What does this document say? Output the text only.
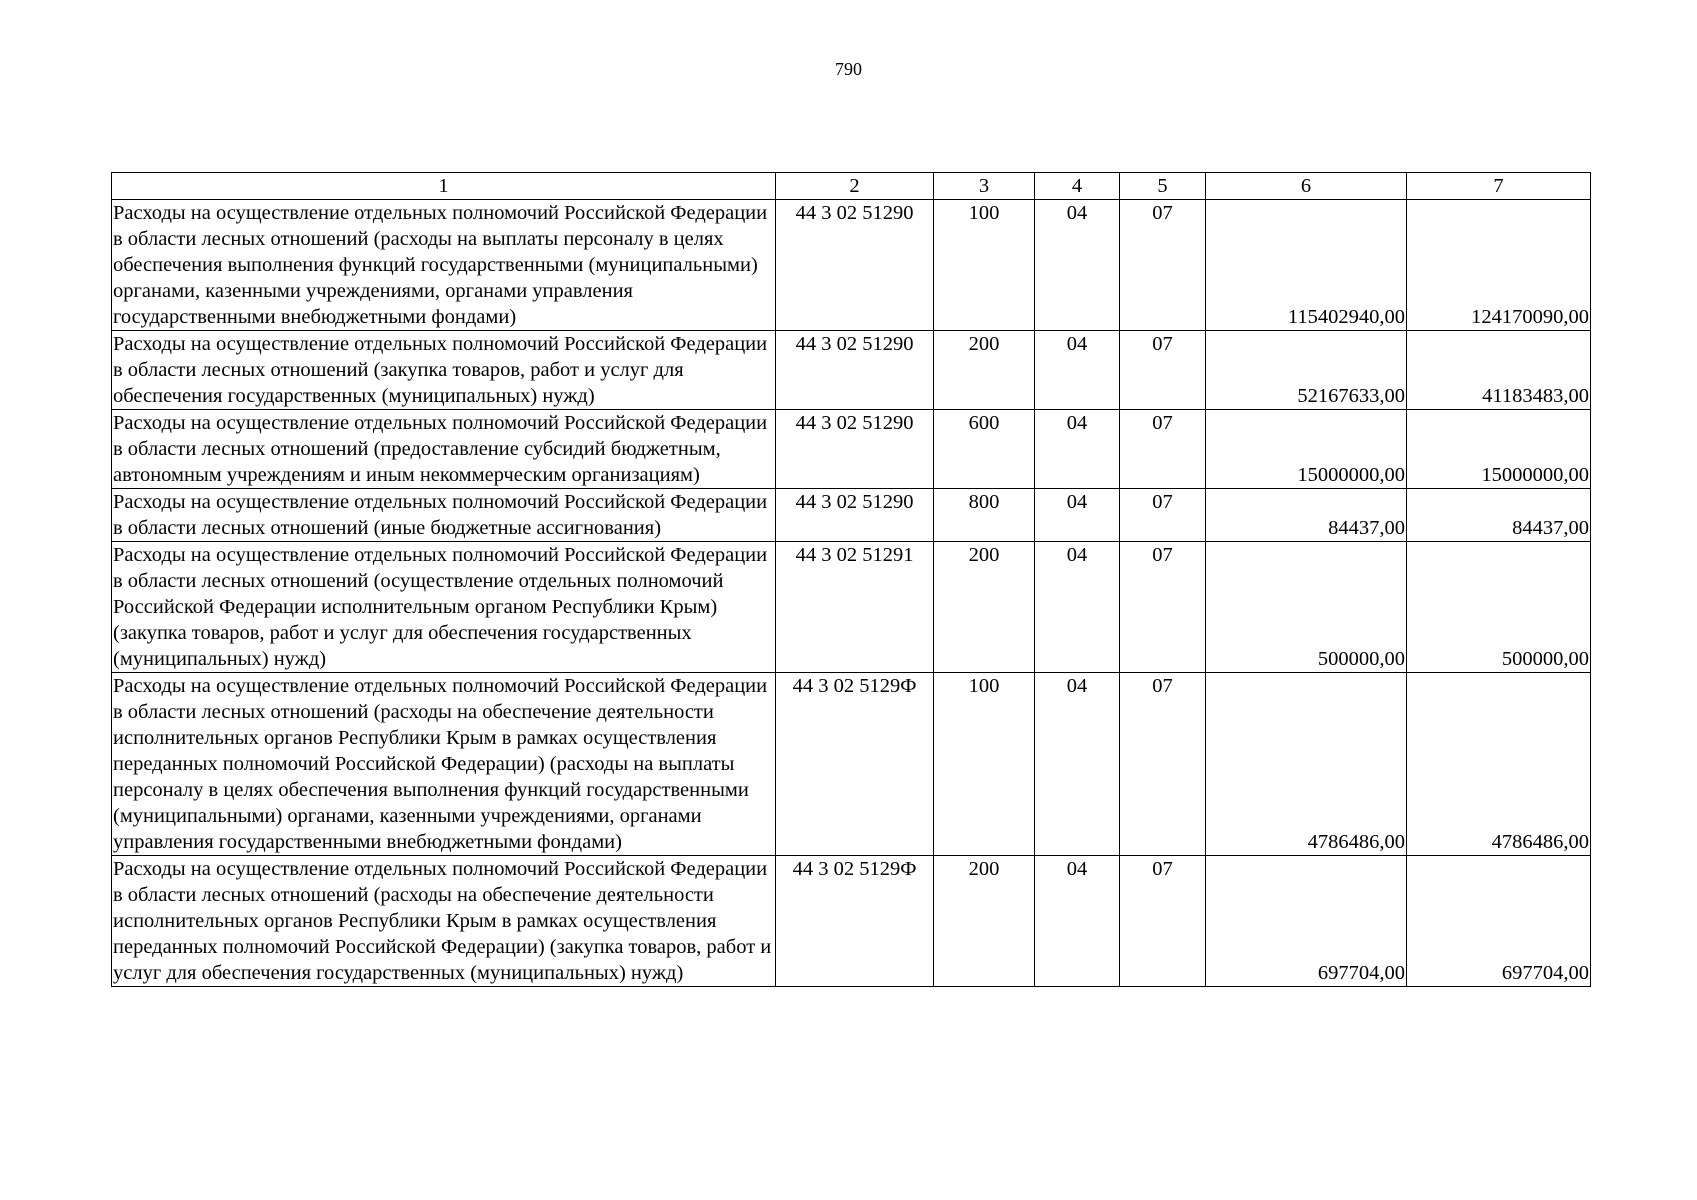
790
1	2	3	4	5	6	7
Расходы на осуществление отдельных полномочий Российской Федерации в области лесных отношений (расходы на выплаты персоналу в целях обеспечения выполнения функций государственными (муниципальными) органами, казенными учреждениями, органами управления государственными внебюджетными фондами)	44 3 02 51290	100	04	07	115402940,00	124170090,00
Расходы на осуществление отдельных полномочий Российской Федерации в области лесных отношений (закупка товаров, работ и услуг для обеспечения государственных (муниципальных) нужд)	44 3 02 51290	200	04	07	52167633,00	41183483,00
Расходы на осуществление отдельных полномочий Российской Федерации в области лесных отношений (предоставление субсидий бюджетным, автономным учреждениям и иным некоммерческим организациям)	44 3 02 51290	600	04	07	15000000,00	15000000,00
Расходы на осуществление отдельных полномочий Российской Федерации в области лесных отношений (иные бюджетные ассигнования)	44 3 02 51290	800	04	07	84437,00	84437,00
Расходы на осуществление отдельных полномочий Российской Федерации в области лесных отношений (осуществление отдельных полномочий Российской Федерации исполнительным органом Республики Крым) (закупка товаров, работ и услуг для обеспечения государственных (муниципальных) нужд)	44 3 02 51291	200	04	07	500000,00	500000,00
Расходы на осуществление отдельных полномочий Российской Федерации в области лесных отношений (расходы на обеспечение деятельности исполнительных органов Республики Крым в рамках осуществления переданных полномочий Российской Федерации) (расходы на выплаты персоналу в целях обеспечения выполнения функций государственными (муниципальными) органами, казенными учреждениями, органами управления государственными внебюджетными фондами)	44 3 02 5129Ф	100	04	07	4786486,00	4786486,00
Расходы на осуществление отдельных полномочий Российской Федерации в области лесных отношений (расходы на обеспечение деятельности исполнительных органов Республики Крым в рамках осуществления переданных полномочий Российской Федерации) (закупка товаров, работ и услуг для обеспечения государственных (муниципальных) нужд)	44 3 02 5129Ф	200	04	07	697704,00	697704,00
